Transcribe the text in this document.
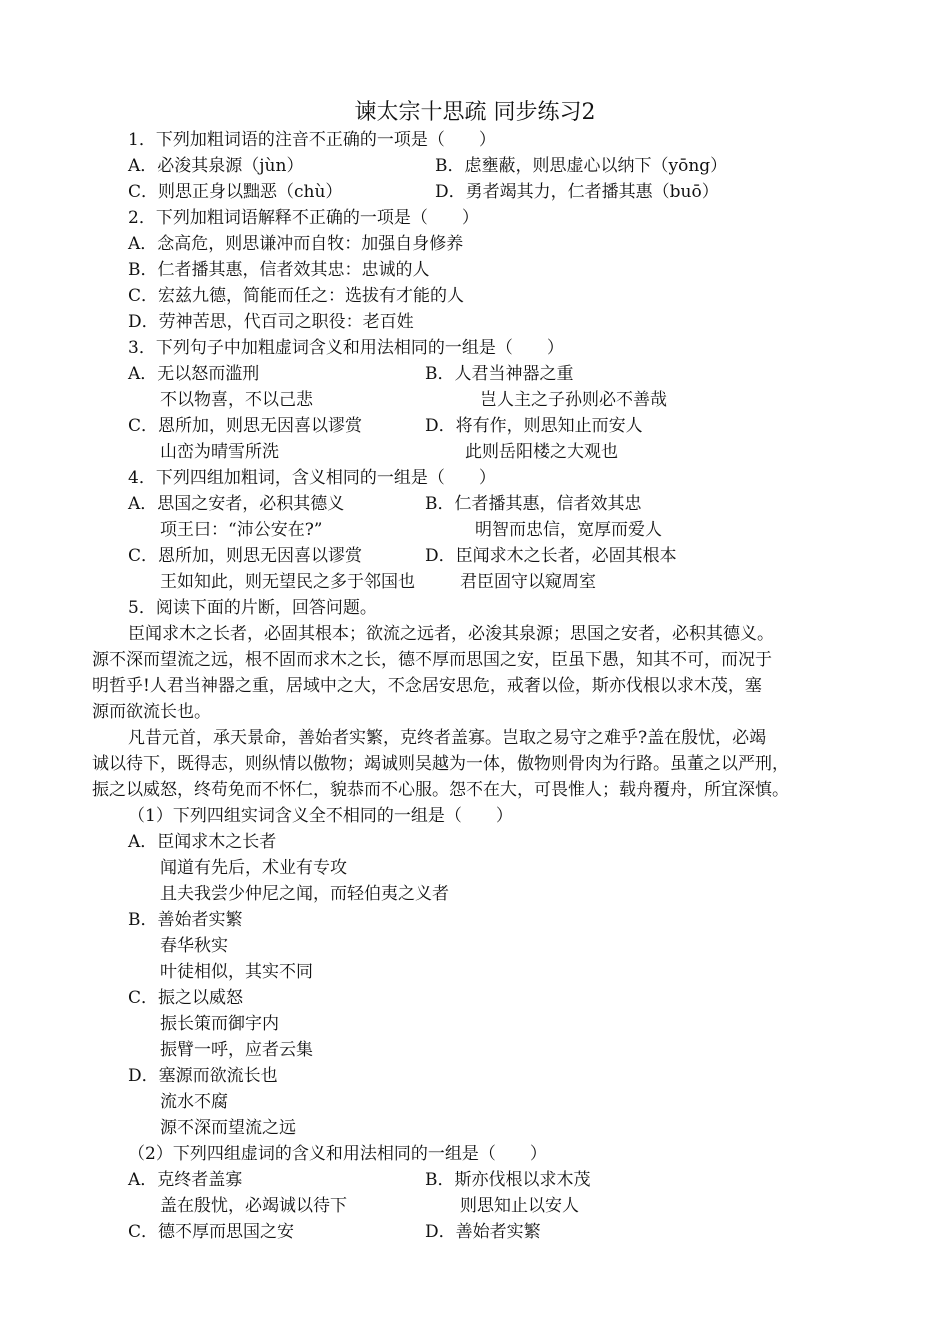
谏太宗十思疏 同步练习2
1．下列加粗词语的注音不正确的一项是（　　）
A．必浚其泉源（jùn）	B．虑壅蔽，则思虚心以纳下（yōng）
C．则思正身以黜恶（chù）	D．勇者竭其力，仁者播其惠（buō）
2．下列加粗词语解释不正确的一项是（　　）
A．念高危，则思谦冲而自牧：加强自身修养
B．仁者播其惠，信者效其忠：忠诚的人
C．宏兹九德，简能而任之：选拔有才能的人
D．劳神苦思，代百司之职役：老百姓
3．下列句子中加粗虚词含义和用法相同的一组是（　　）
A．无以怒而滥刑	B．人君当神器之重
不以物喜，不以己悲	岂人主之子孙则必不善哉
C．恩所加，则思无因喜以谬赏	D．将有作，则思知止而安人
山峦为晴雪所洗	此则岳阳楼之大观也
4．下列四组加粗词，含义相同的一组是（　　）
A．思国之安者，必积其德义	B．仁者播其惠，信者效其忠
项王曰：“沛公安在?”	明智而忠信，宽厚而爱人
C．恩所加，则思无因喜以谬赏	D．臣闻求木之长者，必固其根本
王如知此，则无望民之多于邻国也	君臣固守以窥周室
5．阅读下面的片断，回答问题。
臣闻求木之长者，必固其根本；欲流之远者，必浚其泉源；思国之安者，必积其德义。
源不深而望流之远，根不固而求木之长，德不厚而思国之安，臣虽下愚，知其不可，而况于
明哲乎!人君当神器之重，居域中之大，不念居安思危，戒奢以俭，斯亦伐根以求木茂，塞
源而欲流长也。
凡昔元首，承天景命，善始者实繁，克终者盖寡。岂取之易守之难乎?盖在殷忧，必竭
诚以待下，既得志，则纵情以傲物；竭诚则吴越为一体，傲物则骨肉为行路。虽董之以严刑，
振之以威怒，终苟免而不怀仁，貌恭而不心服。怨不在大，可畏惟人；载舟覆舟，所宜深慎。
（1）下列四组实词含义全不相同的一组是（　　）
A．臣闻求木之长者
闻道有先后，术业有专攻
且夫我尝少仲尼之闻，而轻伯夷之义者
B．善始者实繁
春华秋实
叶徒相似，其实不同
C．振之以威怒
振长策而御宇内
振臂一呼，应者云集
D．塞源而欲流长也
流水不腐
源不深而望流之远
（2）下列四组虚词的含义和用法相同的一组是（　　）
A．克终者盖寡	B．斯亦伐根以求木茂
盖在殷忧，必竭诚以待下	则思知止以安人
C．德不厚而思国之安	D．善始者实繁
